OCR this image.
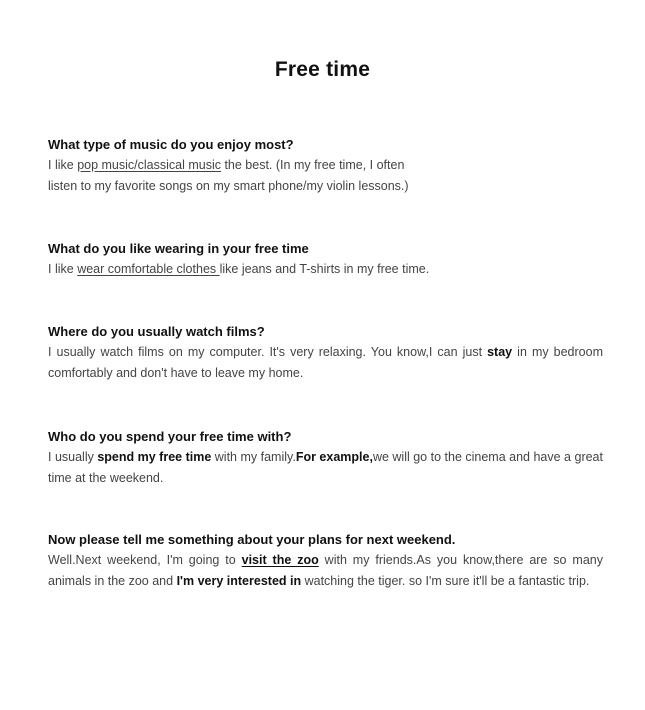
Free time

What type of music do you enjoy most?

I like pop music/classical music the best. (In my free time, I often
listen to my favorite songs on my smart phone/my violin lessons.)

What do you like wearing in your free time

I like wear comfortable clothes like jeans and T-shirts in my free time.

Where do you usually watch films?

I usually watch films on my computer. It's very relaxing. You know,I can just stay in my bedroom comfortably and don't have to leave my home.

Who do you spend your free time with?

I usually spend my free time with my family.For example,we will go to the cinema and have a great time at the weekend.

Now please tell me something about your plans for next weekend.

Well.Next weekend, I'm going to visit the zoo with my friends.As you know,there are so many animals in the zoo and I'm very interested in watching the tiger. so I'm sure it'll be a fantastic trip.
